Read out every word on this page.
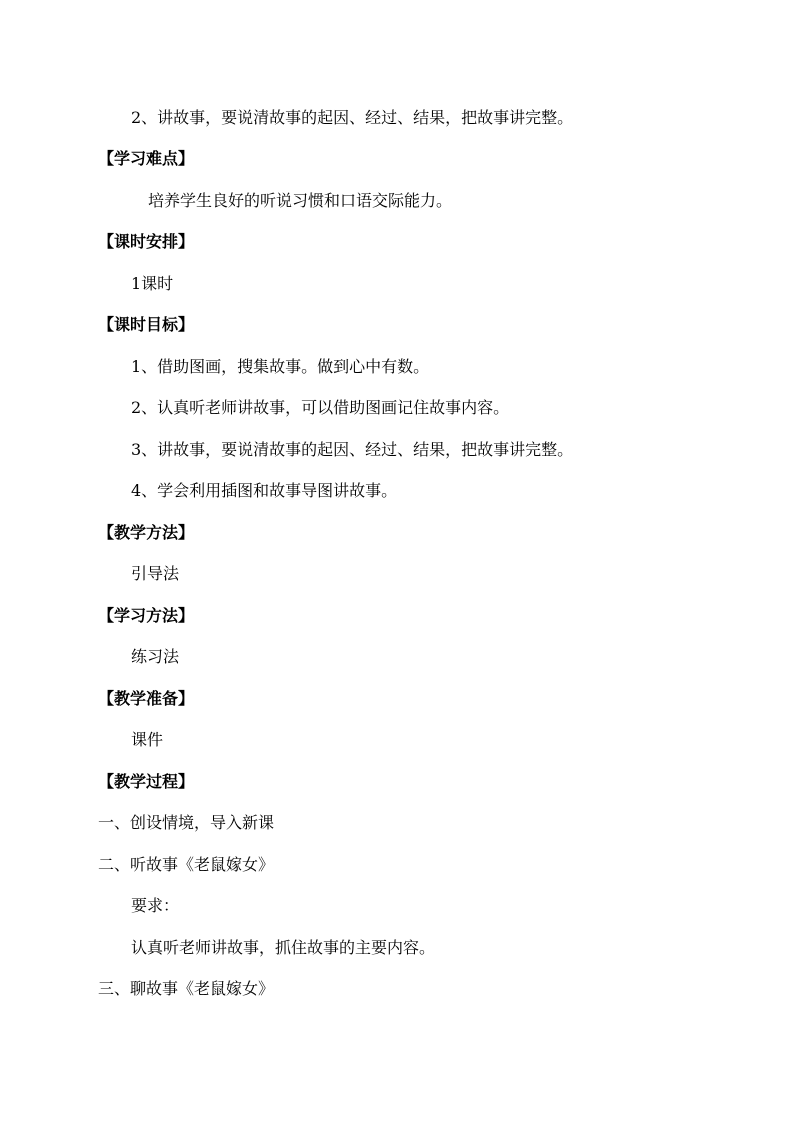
2、讲故事，要说清故事的起因、经过、结果，把故事讲完整。
【学习难点】
培养学生良好的听说习惯和口语交际能力。
【课时安排】
1课时
【课时目标】
1、借助图画，搜集故事。做到心中有数。
2、认真听老师讲故事，可以借助图画记住故事内容。
3、讲故事，要说清故事的起因、经过、结果，把故事讲完整。
4、学会利用插图和故事导图讲故事。
【教学方法】
引导法
【学习方法】
练习法
【教学准备】
课件
【教学过程】
一、创设情境，导入新课
二、听故事《老鼠嫁女》
要求：
认真听老师讲故事，抓住故事的主要内容。
三、聊故事《老鼠嫁女》
